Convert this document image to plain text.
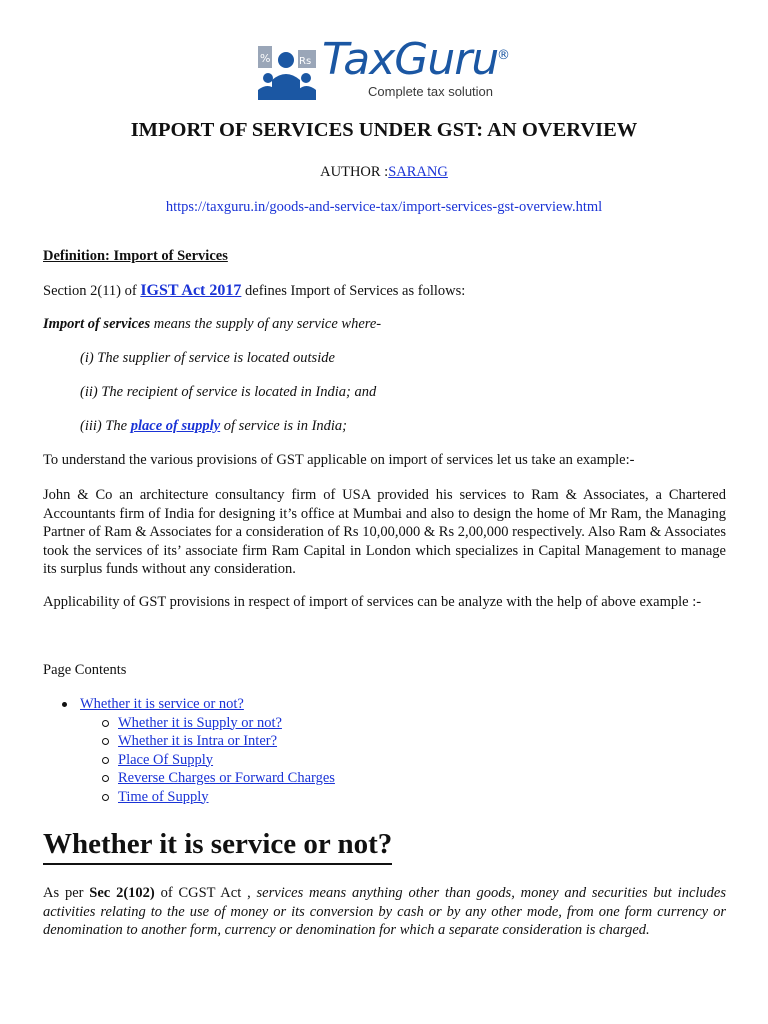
%	Rs TaxGuru
®
Complete tax solution
IMPORT OF SERVICES UNDER GST: AN OVERVIEW
AUTHOR :SARANG
https://taxguru.in/goods-and-service-tax/import-services-gst-overview.html
Definition: Import of Services
Section 2(11) of IGST Act 2017 defines Import of Services as follows:
Import of services means the supply of any service where-
(i) The supplier of service is located outside
(ii) The recipient of service is located in India; and
(iii) The place of supply of service is in India;
To understand the various provisions of GST applicable on import of services let us take an example:-
John & Co an architecture consultancy firm of USA provided his services to Ram & Associates, a Chartered Accountants firm of India for designing it’s office at Mumbai and also to design the home of Mr Ram, the Managing Partner of Ram & Associates for a consideration of Rs 10,00,000 & Rs 2,00,000 respectively. Also Ram & Associates took the services of its’ associate firm Ram Capital in London which specializes in Capital Management to manage its surplus funds without any consideration.
Applicability of GST provisions in respect of import of services can be analyze with the help of above example :-
Page Contents
Whether it is service or not?
Whether it is Supply or not?
Whether it is Intra or Inter?
Place Of Supply
Reverse Charges or Forward Charges
Time of Supply
Whether it is service or not?
As per Sec 2(102) of CGST Act , services means anything other than goods, money and securities but includes activities relating to the use of money or its conversion by cash or by any other mode, from one form currency or denomination to another form, currency or denomination for which a separate consideration is charged.
